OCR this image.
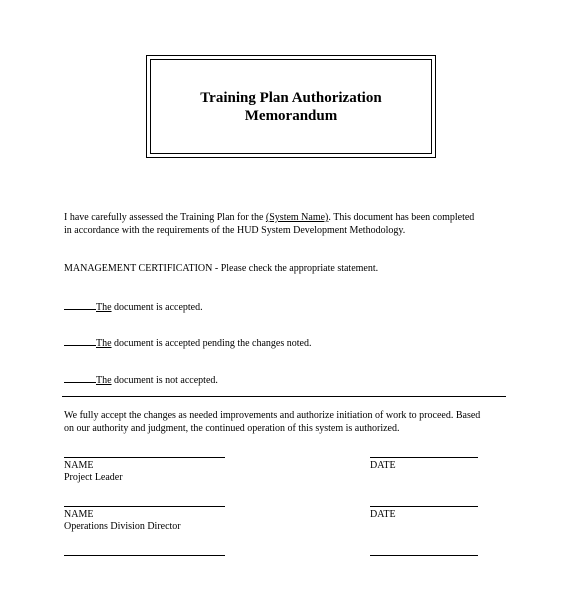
Training Plan Authorization
Memorandum
I have carefully assessed the Training Plan for the (System Name). This document has been completed
in accordance with the requirements of the HUD System Development Methodology.
MANAGEMENT CERTIFICATION - Please check the appropriate statement.
The document is accepted.
The document is accepted pending the changes noted.
The document is not accepted.
We fully accept the changes as needed improvements and authorize initiation of work to proceed. Based
on our authority and judgment, the continued operation of this system is authorized.
NAME	DATE
Project Leader
NAME	DATE
Operations Division Director
